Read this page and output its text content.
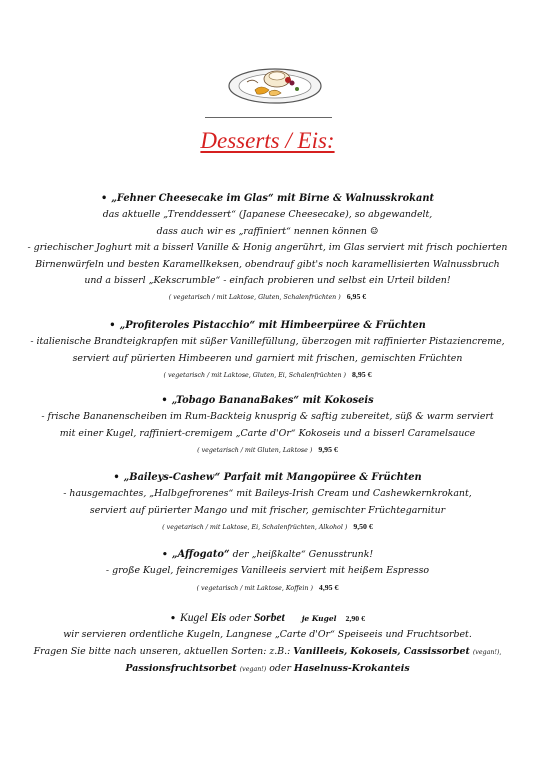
Desserts / Eis:
• „Fehner Cheesecake im Glas“ mit Birne & Walnusskrokant
das aktuelle „Trenddessert“ (Japanese Cheesecake), so abgewandelt,
dass auch wir es „raffiniert“ nennen können ☺
- griechischer Joghurt mit a bisserl Vanille & Honig angerührt, im Glas serviert mit frisch pochierten
Birnenwürfeln und besten Karamellkeksen, obendrauf gibt's noch karamellisierten Walnussbruch
und a bisserl „Kekscrumble“ - einfach probieren und selbst ein Urteil bilden!
( vegetarisch / mit Laktose, Gluten, Schalenfrüchten ) 6,95 €
• „Profiteroles Pistacchio“ mit Himbeerpüree & Früchten
- italienische Brandteigkrapfen mit süßer Vanillefüllung, überzogen mit raffinierter Pistaziencreme,
serviert auf pürierten Himbeeren und garniert mit frischen, gemischten Früchten
( vegetarisch / mit Laktose, Gluten, Ei, Schalenfrüchten ) 8,95 €
• „Tobago BananaBakes“ mit Kokoseis
- frische Bananenscheiben im Rum-Backteig knusprig & saftig zubereitet, süß & warm serviert
mit einer Kugel, raffiniert-cremigem „Carte d'Or“ Kokoseis und a bisserl Caramelsauce
( vegetarisch / mit Gluten, Laktose ) 9,95 €
• „Baileys-Cashew“ Parfait mit Mangopüree & Früchten
- hausgemachtes, „Halbgefrorenes“ mit Baileys-Irish Cream und Cashewkernkrokant,
serviert auf pürierter Mango und mit frischer, gemischter Früchtegarnitur
( vegetarisch / mit Laktose, Ei, Schalenfrüchten, Alkohol ) 9,50 €
• „Affogato“ der „heißkalte“ Genusstrunk!
- große Kugel, feincremiges Vanilleeis serviert mit heißem Espresso
( vegetarisch / mit Laktose, Koffein ) 4,95 €
• Kugel Eis oder Sorbet je Kugel 2,90 €
wir servieren ordentliche Kugeln, Langnese „Carte d'Or“ Speiseeis und Fruchtsorbet.
Fragen Sie bitte nach unseren, aktuellen Sorten: z.B.: Vanilleeis, Kokoseis, Cassissorbet (vegan!),
Passionsfruchtsorbet (vegan!) oder Haselnuss-Krokanteis
